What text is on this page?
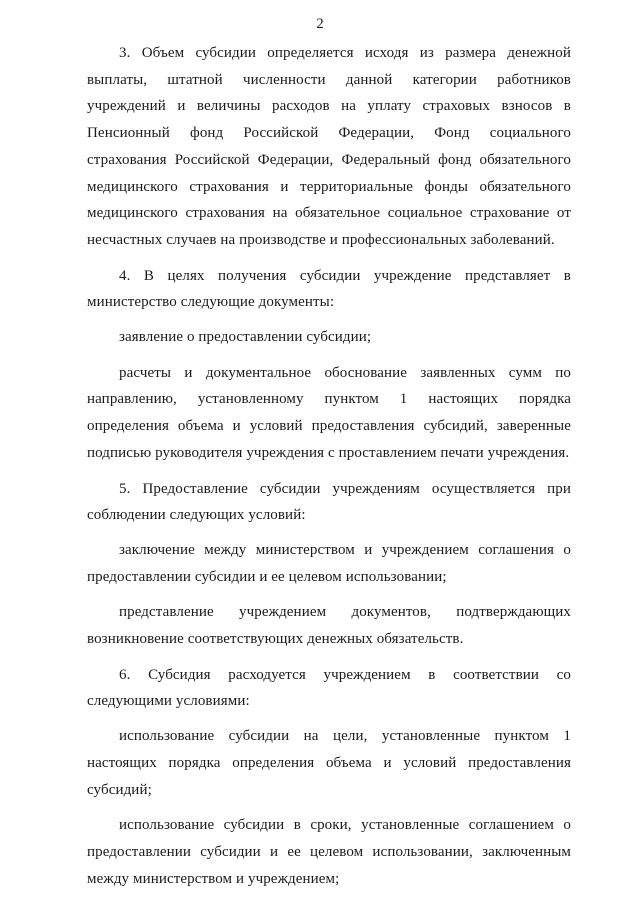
2

3. Объем субсидии определяется исходя из размера денежной выплаты, штатной численности данной категории работников учреждений и величины расходов на уплату страховых взносов в Пенсионный фонд Российской Федерации, Фонд социального страхования Российской Федерации, Федеральный фонд обязательного медицинского страхования и территориальные фонды обязательного медицинского страхования на обязательное социальное страхование от несчастных случаев на производстве и профессиональных заболеваний.

4. В целях получения субсидии учреждение представляет в министерство следующие документы:

заявление о предоставлении субсидии;

расчеты и документальное обоснование заявленных сумм по направлению, установленному пунктом 1 настоящих порядка определения объема и условий предоставления субсидий, заверенные подписью руководителя учреждения с проставлением печати учреждения.

5. Предоставление субсидии учреждениям осуществляется при соблюдении следующих условий:

заключение между министерством и учреждением соглашения о предоставлении субсидии и ее целевом использовании;

представление учреждением документов, подтверждающих возникновение соответствующих денежных обязательств.

6. Субсидия расходуется учреждением в соответствии со следующими условиями:

использование субсидии на цели, установленные пунктом 1 настоящих порядка определения объема и условий предоставления субсидий;

использование субсидии в сроки, установленные соглашением о предоставлении субсидии и ее целевом использовании, заключенным между министерством и учреждением;
